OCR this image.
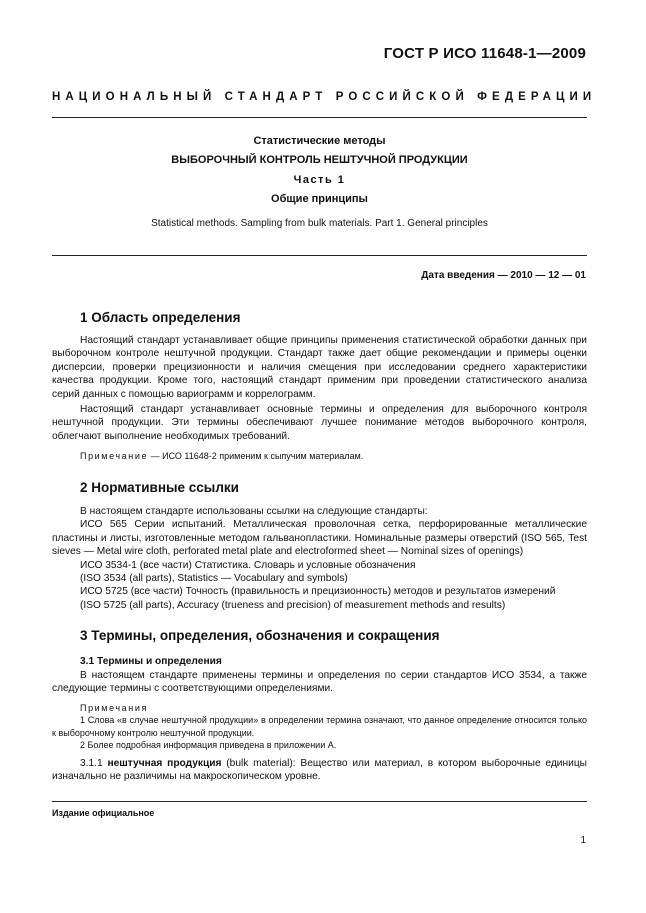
ГОСТ Р ИСО 11648-1—2009
НАЦИОНАЛЬНЫЙ СТАНДАРТ РОССИЙСКОЙ ФЕДЕРАЦИИ
Статистические методы
ВЫБОРОЧНЫЙ КОНТРОЛЬ НЕШТУЧНОЙ ПРОДУКЦИИ
Часть 1
Общие принципы
Statistical methods. Sampling from bulk materials. Part 1. General principles
Дата введения — 2010 — 12 — 01
1 Область определения

Настоящий стандарт устанавливает общие принципы применения статистической обработки данных при выборочном контроле нештучной продукции. Стандарт также дает общие рекомендации и примеры оценки дисперсии, проверки прецизионности и наличия смещения при исследовании среднего характеристики качества продукции. Кроме того, настоящий стандарт применим при проведении статистического анализа серий данных с помощью вариограмм и коррелограмм.

Настоящий стандарт устанавливает основные термины и определения для выборочного контроля нештучной продукции. Эти термины обеспечивают лучшее понимание методов выборочного контроля, облегчают выполнение необходимых требований.

Примечание — ИСО 11648-2 применим к сыпучим материалам.
2 Нормативные ссылки

В настоящем стандарте использованы ссылки на следующие стандарты:

ИСО 565 Серии испытаний. Металлическая проволочная сетка, перфорированные металлические пластины и листы, изготовленные методом гальванопластики. Номинальные размеры отверстий (ISO 565, Test sieves — Metal wire cloth, perforated metal plate and electroformed sheet — Nominal sizes of openings)

ИСО 3534-1 (все части) Статистика. Словарь и условные обозначения

(ISO 3534 (all parts), Statistics — Vocabulary and symbols)

ИСО 5725 (все части) Точность (правильность и прецизионность) методов и результатов измерений

(ISO 5725 (all parts), Accuracy (trueness and precision) of measurement methods and results)

3 Термины, определения, обозначения и сокращения
3.1 Термины и определения

В настоящем стандарте применены термины и определения по серии стандартов ИСО 3534, а также следующие термины с соответствующими определениями.

Примечания

1 Слова «в случае нештучной продукции» в определении термина означают, что данное определение относится только к выборочному контролю нештучной продукции.

2 Более подробная информация приведена в приложении А.

3.1.1 нештучная продукция (bulk material): Вещество или материал, в котором выборочные единицы изначально не различимы на макроскопическом уровне.

Издание официальное
1
